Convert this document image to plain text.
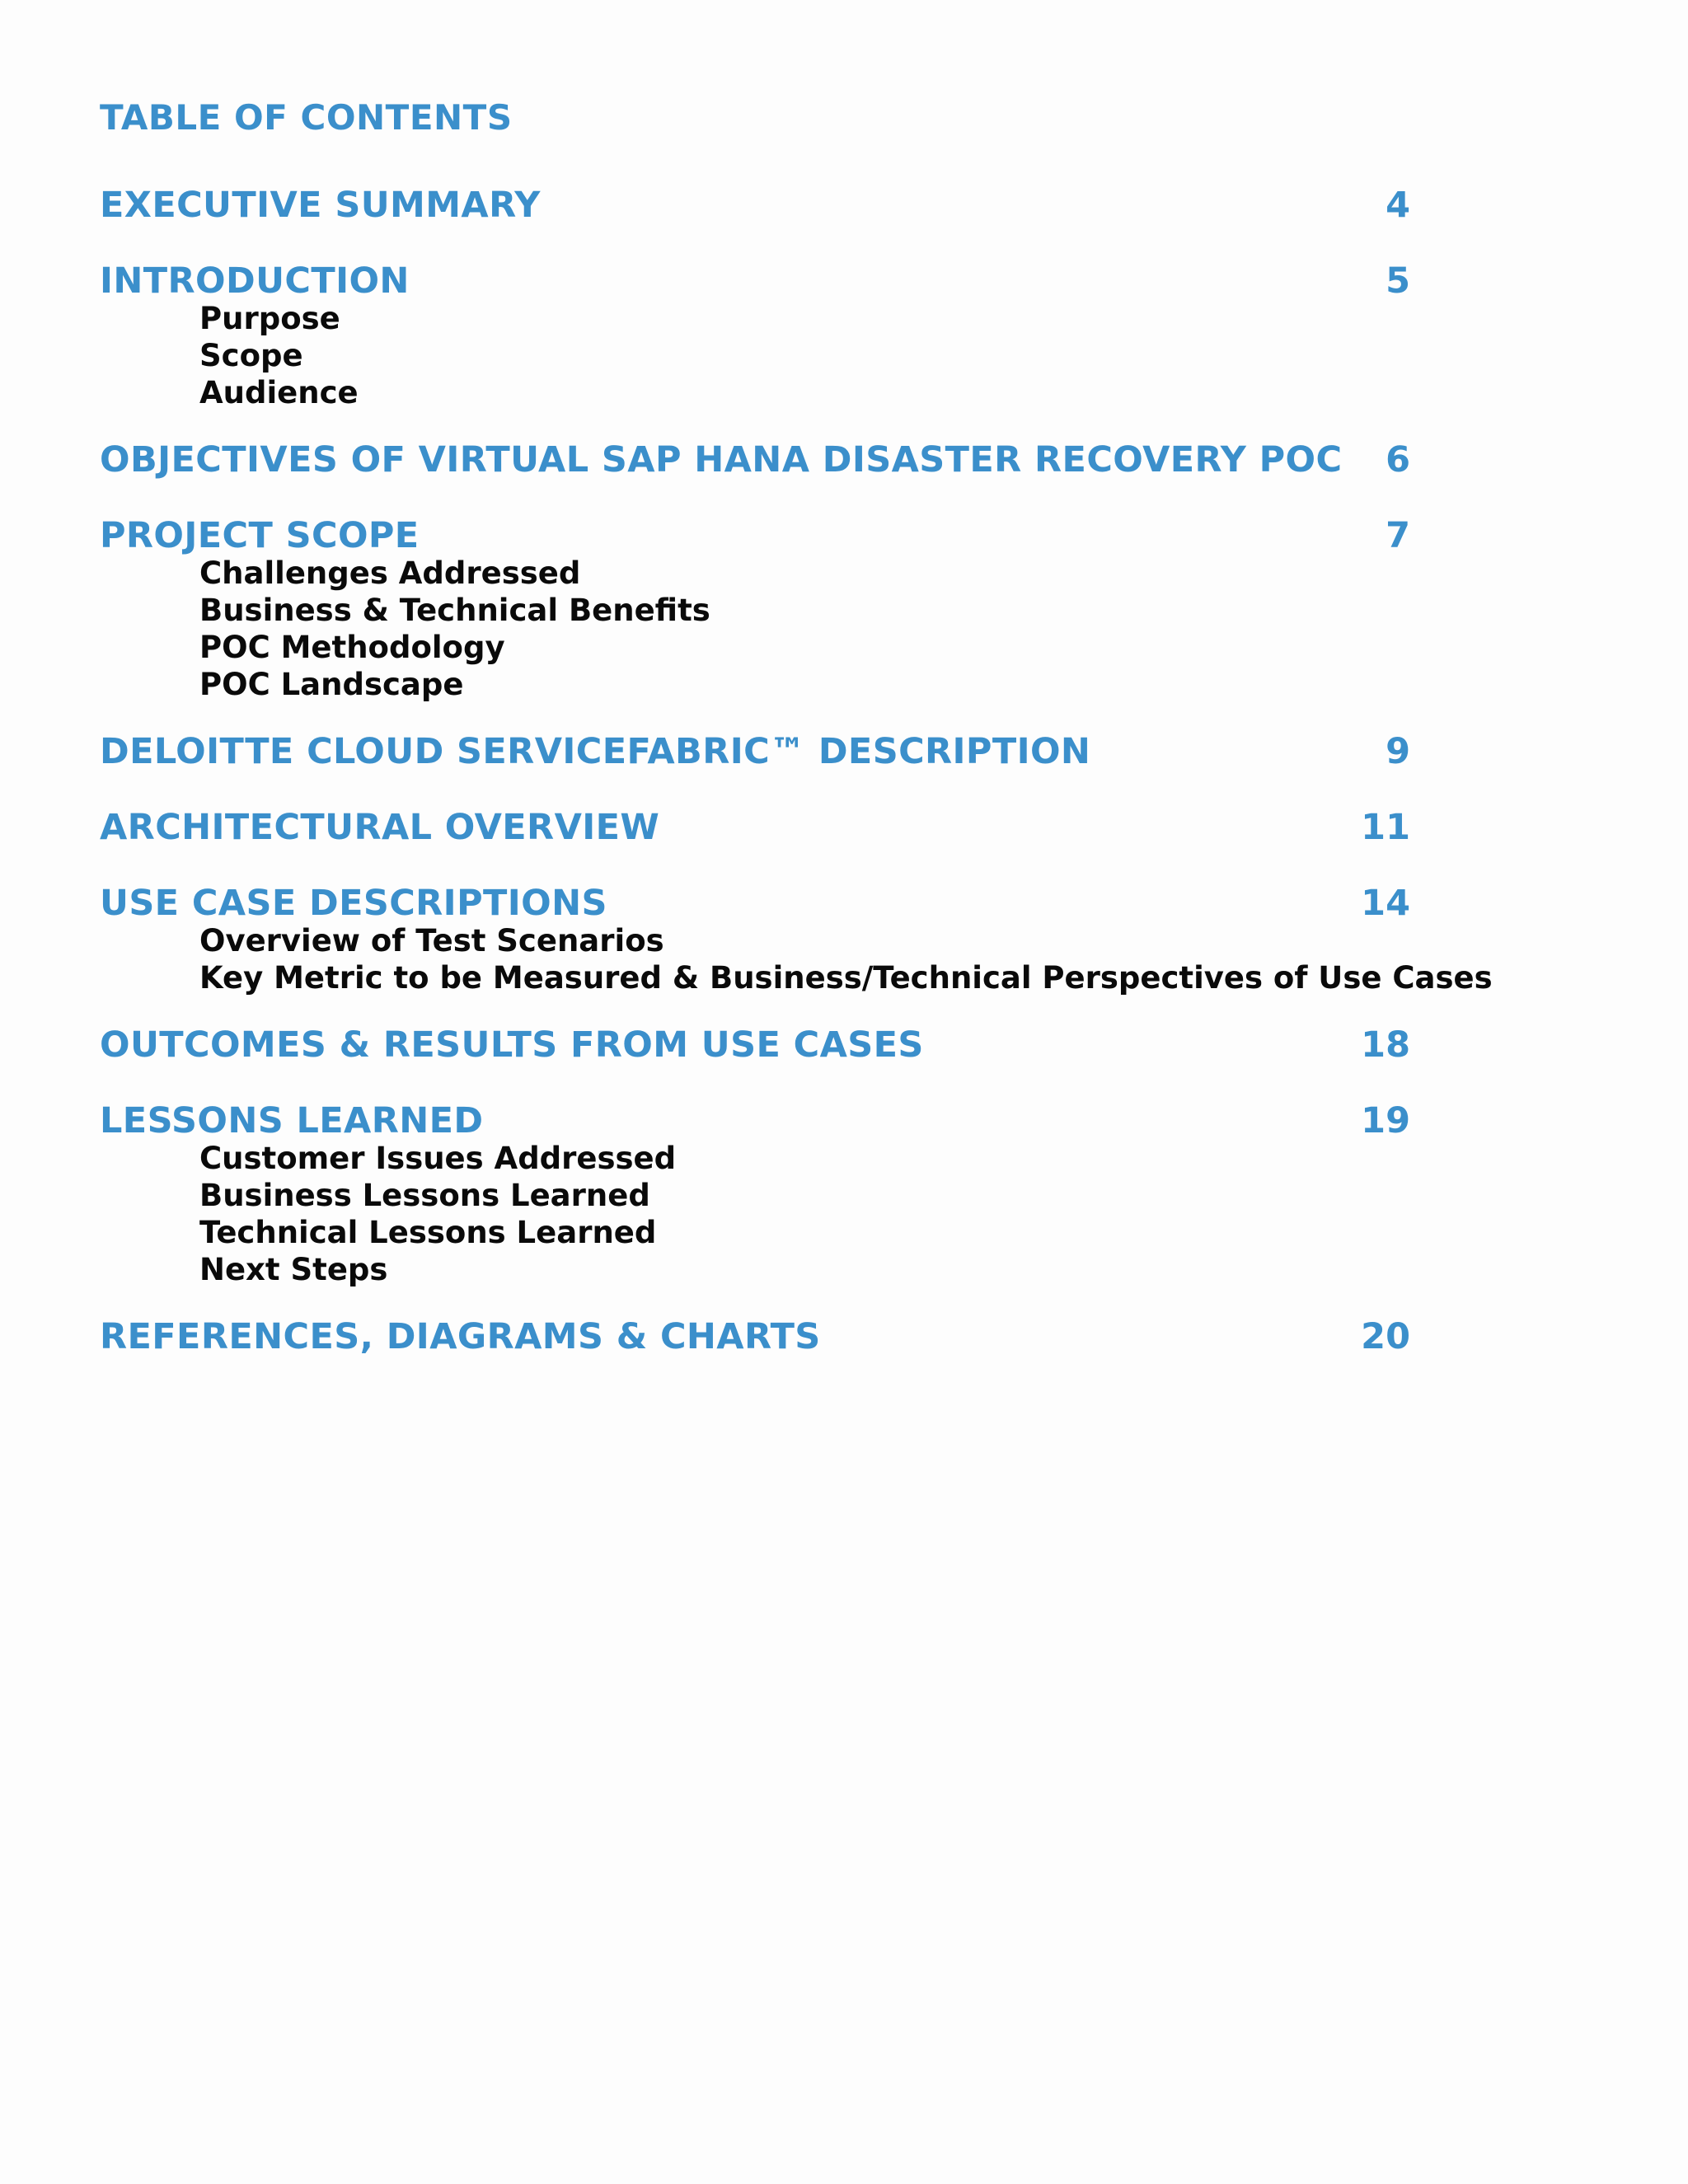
TABLE OF CONTENTS
EXECUTIVE SUMMARY	4
INTRODUCTION	5
Purpose
Scope
Audience
OBJECTIVES OF VIRTUAL SAP HANA DISASTER RECOVERY POC 6
PROJECT SCOPE	7
Challenges Addressed
Business & Technical Benefits
POC Methodology
POC Landscape
DELOITTE CLOUD SERVICEFABRIC™ DESCRIPTION	9
ARCHITECTURAL OVERVIEW	11
USE CASE DESCRIPTIONS	14
Overview of Test Scenarios
Key Metric to be Measured & Business/Technical Perspectives of Use Cases
OUTCOMES & RESULTS FROM USE CASES	18
LESSONS LEARNED	19
Customer Issues Addressed
Business Lessons Learned
Technical Lessons Learned
Next Steps
REFERENCES, DIAGRAMS & CHARTS	20
